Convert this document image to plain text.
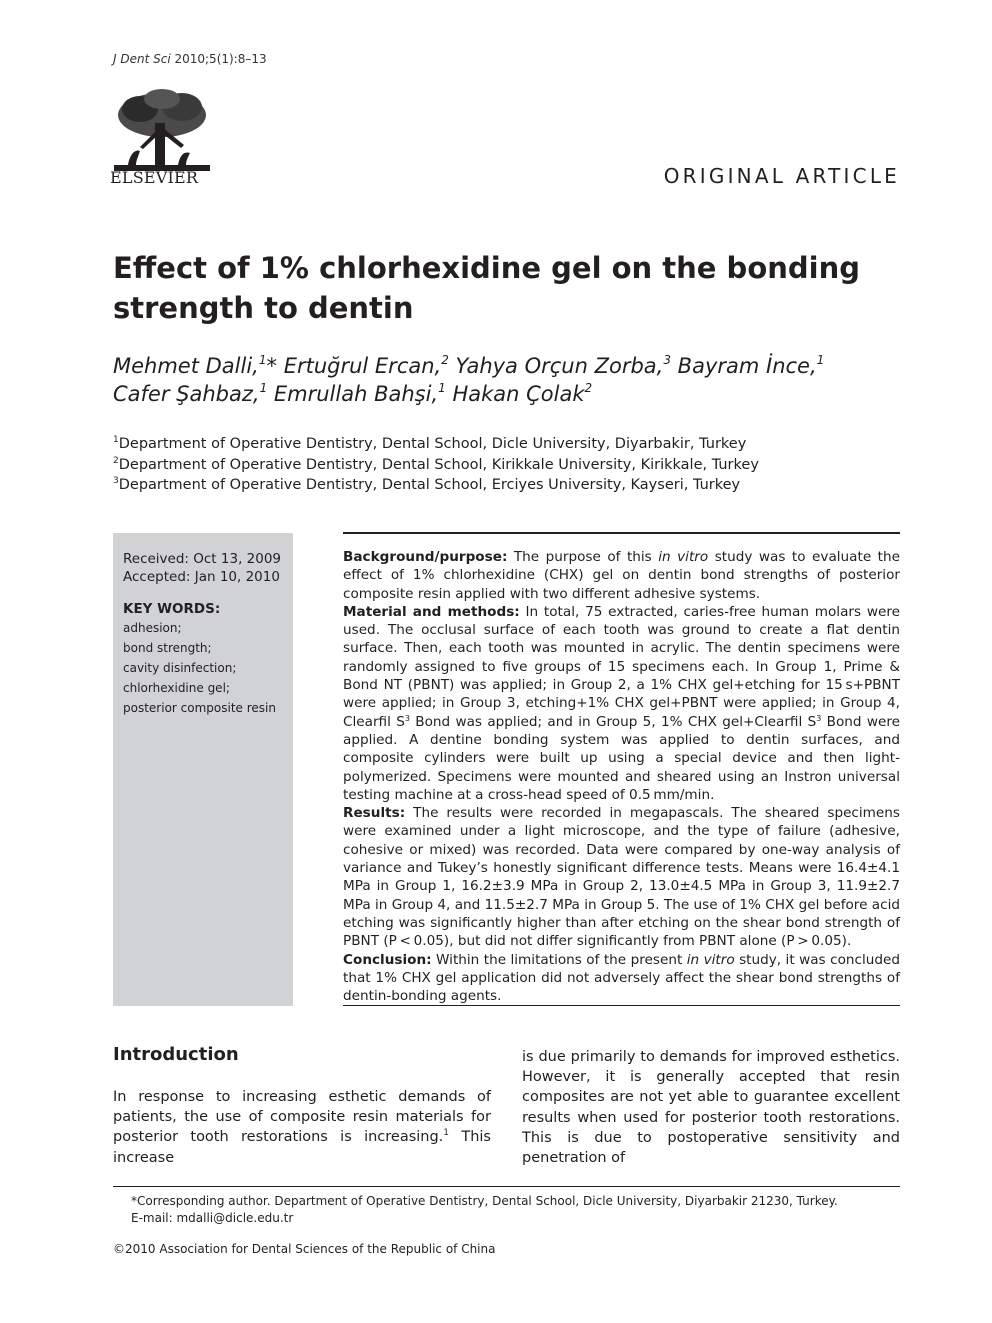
J Dent Sci 2010;5(1):8–13
ELSEVIER	ORIGINAL ARTICLE
Effect of 1% chlorhexidine gel on the bonding strength to dentin
Mehmet Dalli,$^1$* Ertuğrul Ercan,$^2$ Yahya Orçun Zorba,$^3$ Bayram İnce,$^1$
Cafer Şahbaz,$^1$ Emrullah Bahşi,$^1$ Hakan Çolak$^2$
$^1$Department of Operative Dentistry, Dental School, Dicle University, Diyarbakir, Turkey
$^2$Department of Operative Dentistry, Dental School, Kirikkale University, Kirikkale, Turkey
$^3$Department of Operative Dentistry, Dental School, Erciyes University, Kayseri, Turkey
Received: Oct 13, 2009
Accepted: Jan 10, 2010
KEY WORDS:
adhesion;
bond strength;
cavity disinfection;
chlorhexidine gel;
posterior composite resin

Background/purpose: The purpose of this in vitro study was to evaluate the effect of 1% chlorhexidine (CHX) gel on dentin bond strengths of posterior composite resin applied with two different adhesive systems.

Material and methods: In total, 75 extracted, caries-free human molars were used. The occlusal surface of each tooth was ground to create a flat dentin surface. Then, each tooth was mounted in acrylic. The dentin specimens were randomly assigned to five groups of 15 specimens each. In Group 1, Prime & Bond NT (PBNT) was applied; in Group 2, a 1% CHX gel+etching for 15 s+PBNT were applied; in Group 3, etching+1% CHX gel+PBNT were applied; in Group 4, Clearfil $S^3$ Bond was applied; and in Group 5, 1% CHX gel+Clearfil $S^3$ Bond were applied. A dentine bonding system was applied to dentin surfaces, and composite cylinders were built up using a special device and then light-polymerized. Specimens were mounted and sheared using an Instron universal testing machine at a cross-head speed of 0.5 mm/min.

Results: The results were recorded in megapascals. The sheared specimens were examined under a light microscope, and the type of failure (adhesive, cohesive or mixed) was recorded. Data were compared by one-way analysis of variance and Tukey’s honestly significant difference tests. Means were 16.4±4.1 MPa in Group 1, 16.2±3.9 MPa in Group 2, 13.0±4.5 MPa in Group 3, 11.9±2.7 MPa in Group 4, and 11.5±2.7 MPa in Group 5. The use of 1% CHX gel before acid etching was significantly higher than after etching on the shear bond strength of PBNT (P < 0.05), but did not differ significantly from PBNT alone (P > 0.05).

Conclusion: Within the limitations of the present in vitro study, it was concluded that 1% CHX gel application did not adversely affect the shear bond strengths of dentin-bonding agents.

Introduction
In response to increasing esthetic demands of patients, the use of composite resin materials for posterior tooth restorations is increasing.$^1$ This increase
is due primarily to demands for improved esthetics. However, it is generally accepted that resin composites are not yet able to guarantee excellent results when used for posterior tooth restorations. This is due to postoperative sensitivity and penetration of
*Corresponding author. Department of Operative Dentistry, Dental School, Dicle University, Diyarbakir 21230, Turkey.
E-mail: mdalli@dicle.edu.tr
©2010 Association for Dental Sciences of the Republic of China
